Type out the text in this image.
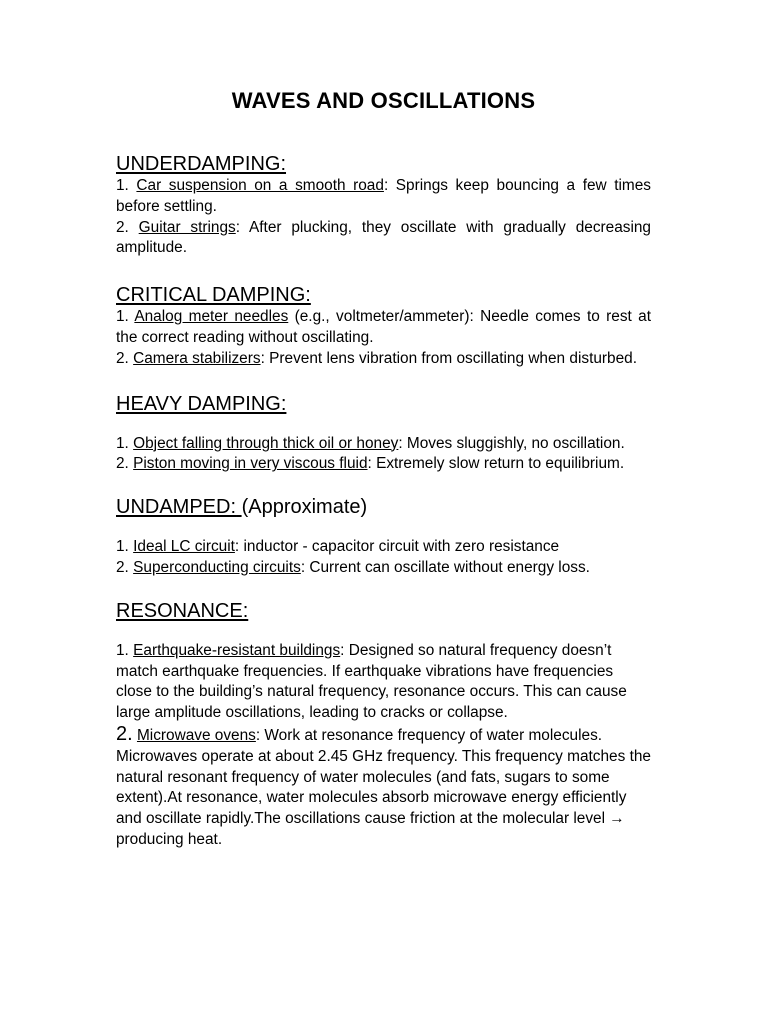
WAVES AND OSCILLATIONS
UNDERDAMPING:

1. Car suspension on a smooth road: Springs keep bouncing a few times before settling.

2. Guitar strings: After plucking, they oscillate with gradually decreasing amplitude.

CRITICAL DAMPING:

1. Analog meter needles (e.g., voltmeter/ammeter): Needle comes to rest at the correct reading without oscillating.

2. Camera stabilizers: Prevent lens vibration from oscillating when disturbed.

HEAVY DAMPING:

1. Object falling through thick oil or honey: Moves sluggishly, no oscillation.

2. Piston moving in very viscous fluid: Extremely slow return to equilibrium.

UNDAMPED: (Approximate)

1. Ideal LC circuit: inductor - capacitor circuit with zero resistance

2. Superconducting circuits: Current can oscillate without energy loss.

RESONANCE:

1. Earthquake-resistant buildings: Designed so natural frequency doesn’t match earthquake frequencies. If earthquake vibrations have frequencies close to the building’s natural frequency, resonance occurs. This can cause large amplitude oscillations, leading to cracks or collapse.

2. Microwave ovens: Work at resonance frequency of water molecules. Microwaves operate at about 2.45 GHz frequency. This frequency matches the natural resonant frequency of water molecules (and fats, sugars to some extent).At resonance, water molecules absorb microwave energy efficiently and oscillate rapidly.The oscillations cause friction at the molecular level → producing heat.
